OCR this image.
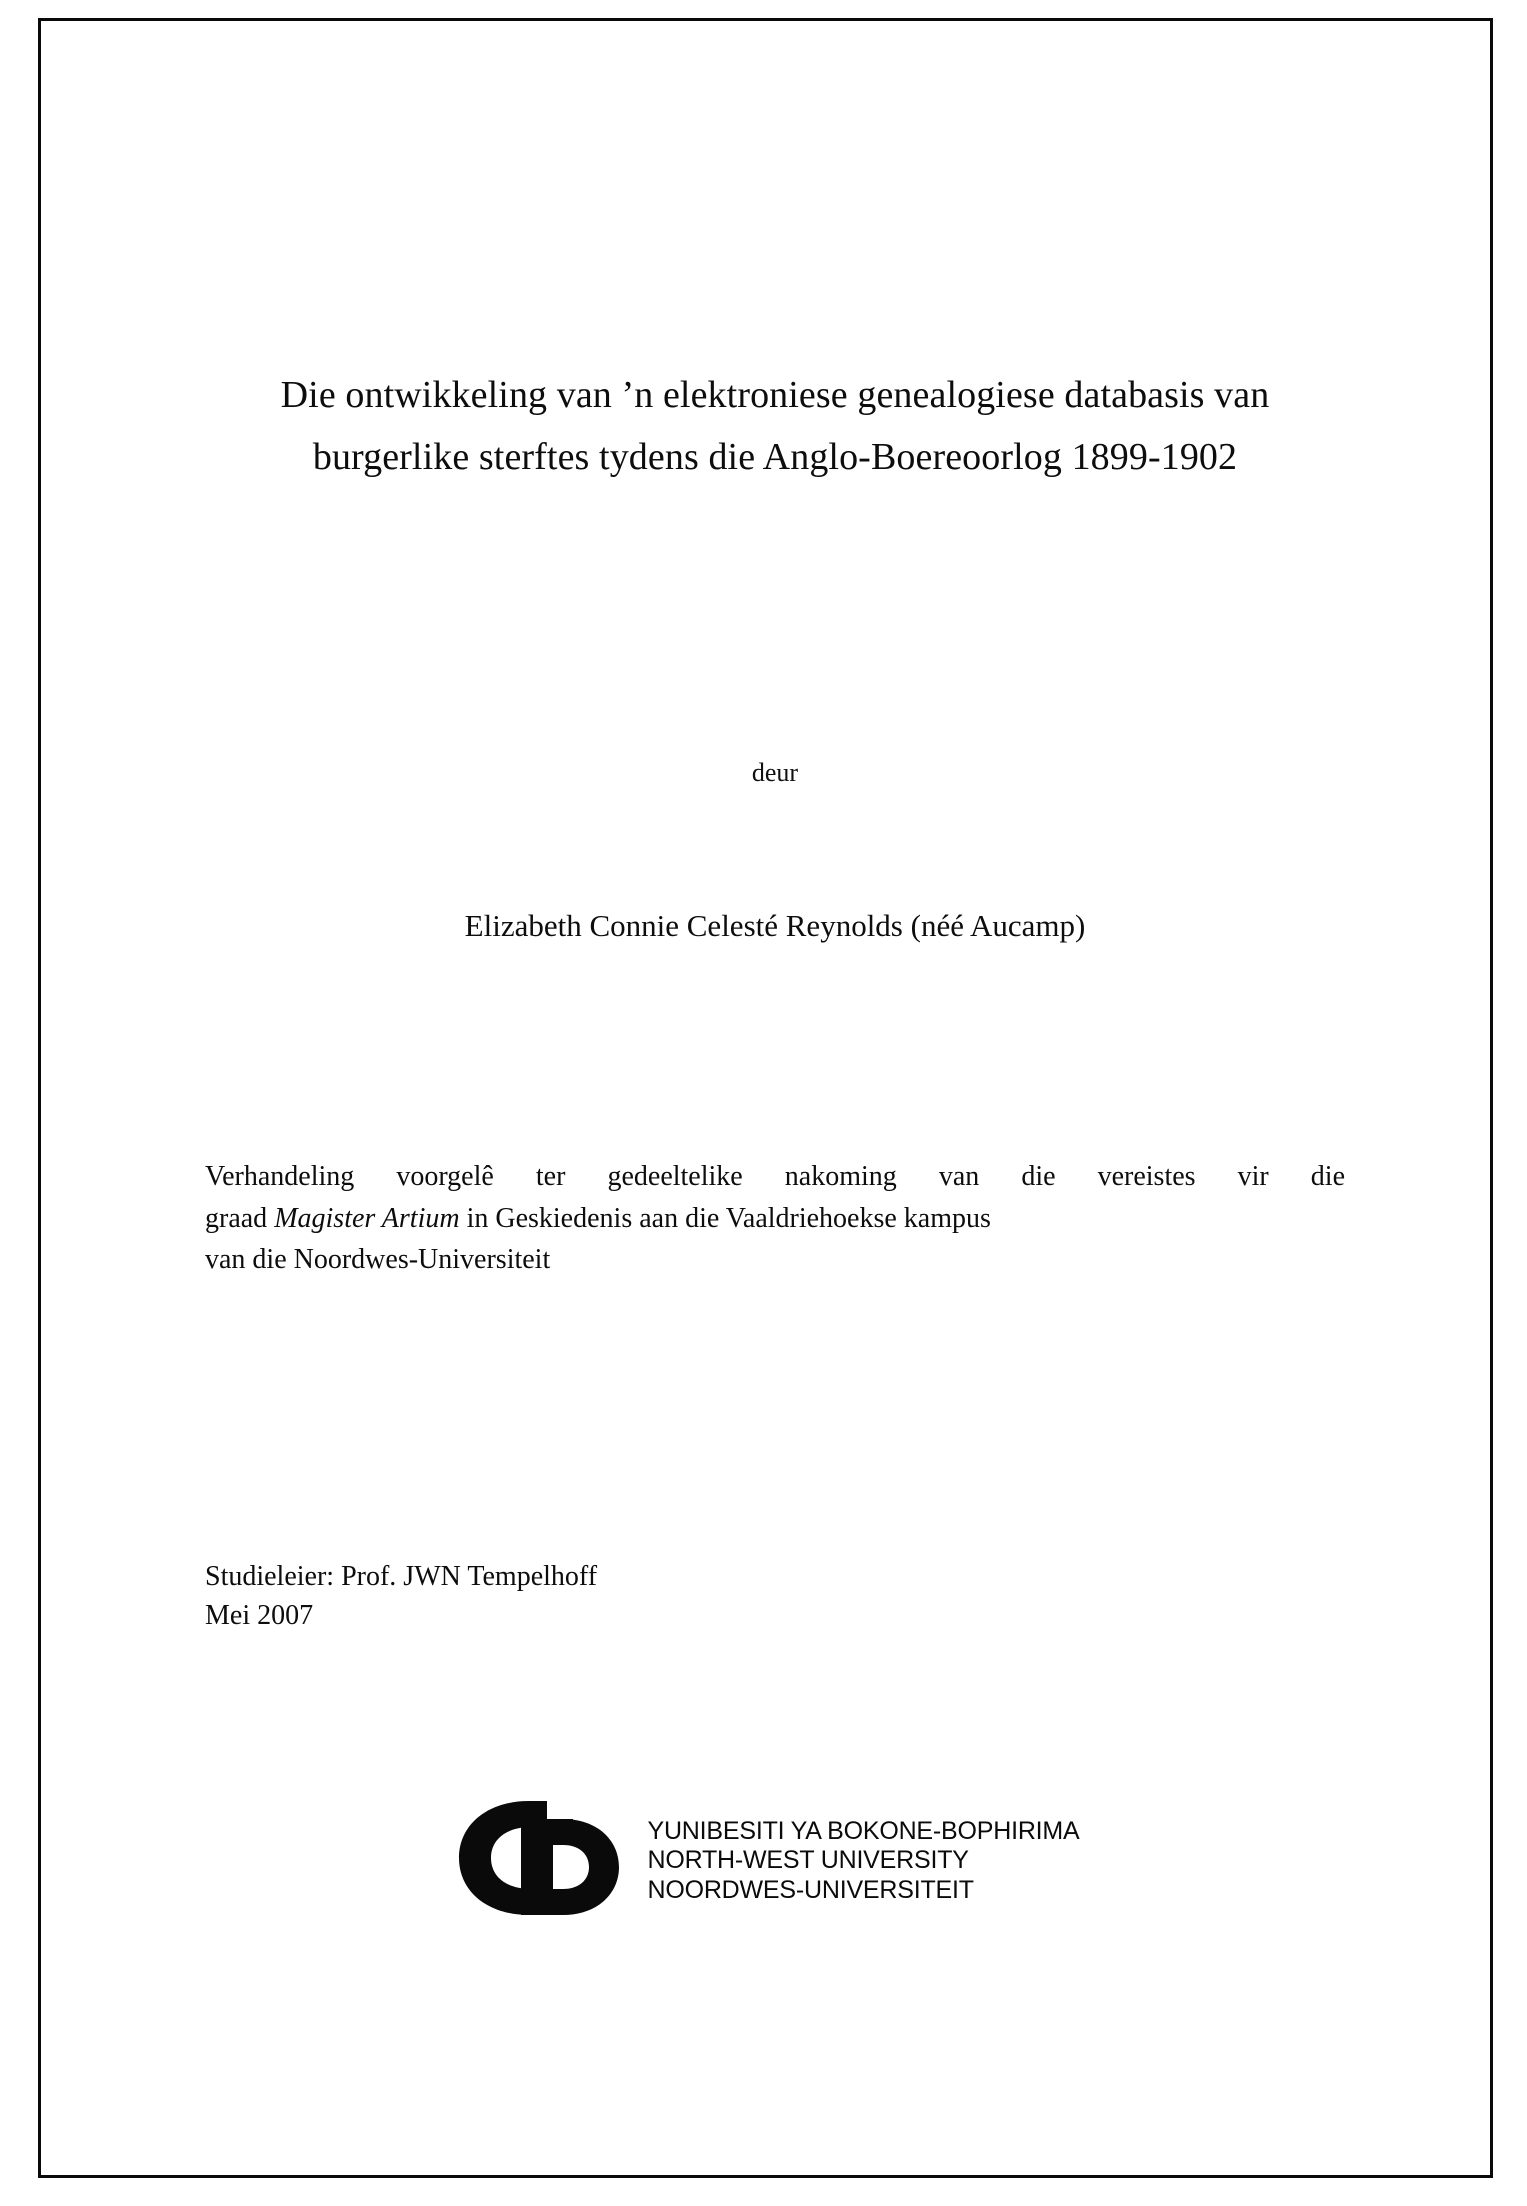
Die ontwikkeling van ’n elektroniese genealogiese databasis van
burgerlike sterftes tydens die Anglo-Boereoorlog 1899-1902
deur
Elizabeth Connie Celesté Reynolds (néé Aucamp)

Verhandeling voorgelê ter gedeeltelike nakoming van die vereistes vir die

graad Magister Artium in Geskiedenis aan die Vaaldriehoekse kampus

van die Noordwes-Universiteit

Studieleier: Prof. JWN Tempelhoff
Mei 2007
YUNIBESITI YA BOKONE-BOPHIRIMA
NORTH-WEST UNIVERSITY
NOORDWES-UNIVERSITEIT
